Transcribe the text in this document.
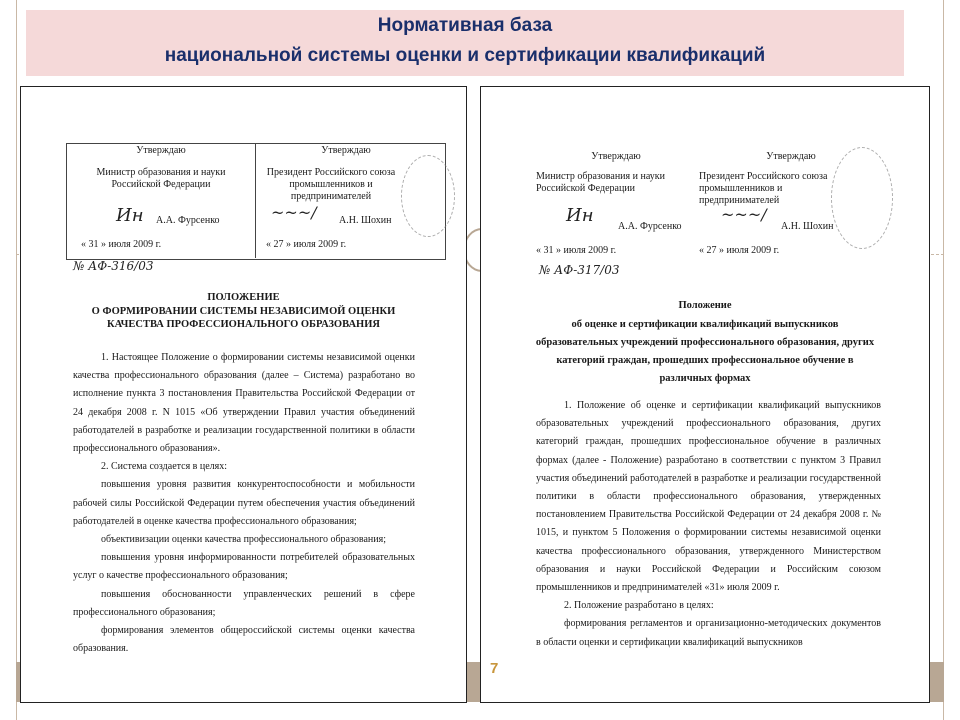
Нормативная база
национальной системы оценки и сертификации квалификаций
Утверждаю
Министр образования и науки Российской Федерации
А.А. Фурсенко
Ин
« 31 » июля 2009 г.
Утверждаю
Президент Российского союза промышленников и предпринимателей
А.Н. Шохин
~~~/
« 27 » июля 2009 г.
№ АФ-316/03
ПОЛОЖЕНИЕ
О ФОРМИРОВАНИИ СИСТЕМЫ НЕЗАВИСИМОЙ ОЦЕНКИ
КАЧЕСТВА ПРОФЕССИОНАЛЬНОГО ОБРАЗОВАНИЯ

1. Настоящее Положение о формировании системы независимой оценки качества профессионального образования (далее – Система) разработано во исполнение пункта 3 постановления Правительства Российской Федерации от 24 декабря 2008 г. N 1015 «Об утверждении Правил участия объединений работодателей в разработке и реализации государственной политики в области профессионального образования».

2. Система создается в целях:

повышения уровня развития конкурентоспособности и мобильности рабочей силы Российской Федерации путем обеспечения участия объединений работодателей в оценке качества профессионального образования;

объективизации оценки качества профессионального образования;

повышения уровня информированности потребителей образовательных услуг о качестве профессионального образования;

повышения обоснованности управленческих решений в сфере профессионального образования;

формирования элементов общероссийской системы оценки качества образования.

Утверждаю
Министр образования и науки Российской Федерации
А.А. Фурсенко
Ин
« 31 » июля 2009 г.
Утверждаю
Президент Российского союза промышленников и предпринимателей
А.Н. Шохин
~~~/
« 27 » июля 2009 г.
№ АФ-317/03
Положение
об оценке и сертификации квалификаций выпускников
образовательных учреждений профессионального образования, других
категорий граждан, прошедших профессиональное обучение в
различных формах

1. Положение об оценке и сертификации квалификаций выпускников образовательных учреждений профессионального образования, других категорий граждан, прошедших профессиональное обучение в различных формах (далее - Положение) разработано в соответствии с пунктом 3 Правил участия объединений работодателей в разработке и реализации государственной политики в области профессионального образования, утвержденных постановлением Правительства Российской Федерации от 24 декабря 2008 г. № 1015, и пунктом 5 Положения о формировании системы независимой оценки качества профессионального образования, утвержденного Министерством образования и науки Российской Федерации и Российским союзом промышленников и предпринимателей «31» июля 2009 г.

2. Положение разработано в целях:

формирования регламентов и организационно-методических документов в области оценки и сертификации квалификаций выпускников

7	MyShared
